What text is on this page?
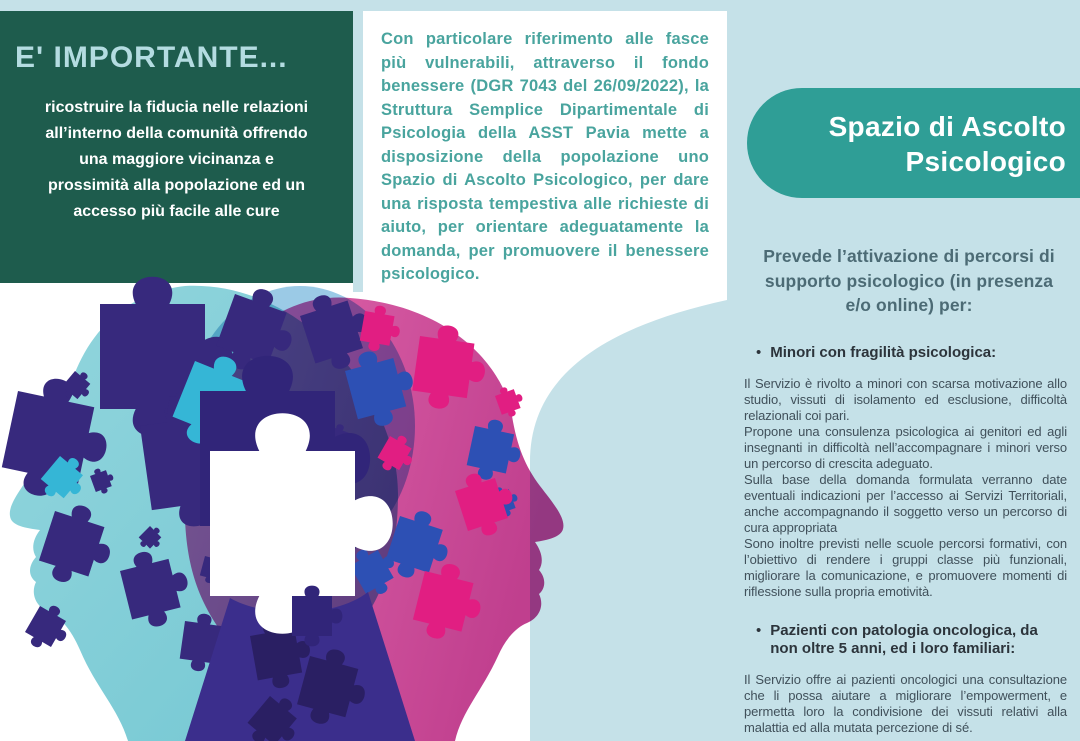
E' IMPORTANTE...
ricostruire la fiducia nelle relazioni
all’interno della comunità offrendo
una maggiore vicinanza e
prossimità alla popolazione ed un
accesso più facile alle cure

Con particolare riferimento alle fasce più vulnerabili, attraverso il fondo benessere (DGR 7043 del 26/09/2022), la Struttura Semplice Dipartimentale di Psicologia della ASST Pavia mette a disposizione della popolazione uno Spazio di Ascolto Psicologico, per dare una risposta tempestiva alle richieste di aiuto, per orientare adeguatamente la domanda, per promuovere il benessere psicologico.

Spazio di Ascolto
Psicologico
Prevede l’attivazione di percorsi di supporto psicologico (in presenza e/o online) per:
• Minori con fragilità psicologica:

Il Servizio è rivolto a minori con scarsa motivazione allo studio, vissuti di isolamento ed esclusione, difficoltà relazionali coi pari.

Propone una consulenza psicologica ai genitori ed agli insegnanti in difficoltà nell’accompagnare i minori verso un percorso di crescita adeguato.

Sulla base della domanda formulata verranno date eventuali indicazioni per l’accesso ai Servizi Territoriali, anche accompagnando il soggetto verso un percorso di cura appropriata

Sono inoltre previsti nelle scuole percorsi formativi, con l’obiettivo di rendere i gruppi classe più funzionali, migliorare la comunicazione, e promuovere momenti di riflessione sulla propria emotività.

• Pazienti con patologia oncologica, da non oltre 5 anni, ed i loro familiari:

Il Servizio offre ai pazienti oncologici una consultazione che li possa aiutare a migliorare l’empowerment, e permetta loro la condivisione dei vissuti relativi alla malattia ed alla mutata percezione di sé.
